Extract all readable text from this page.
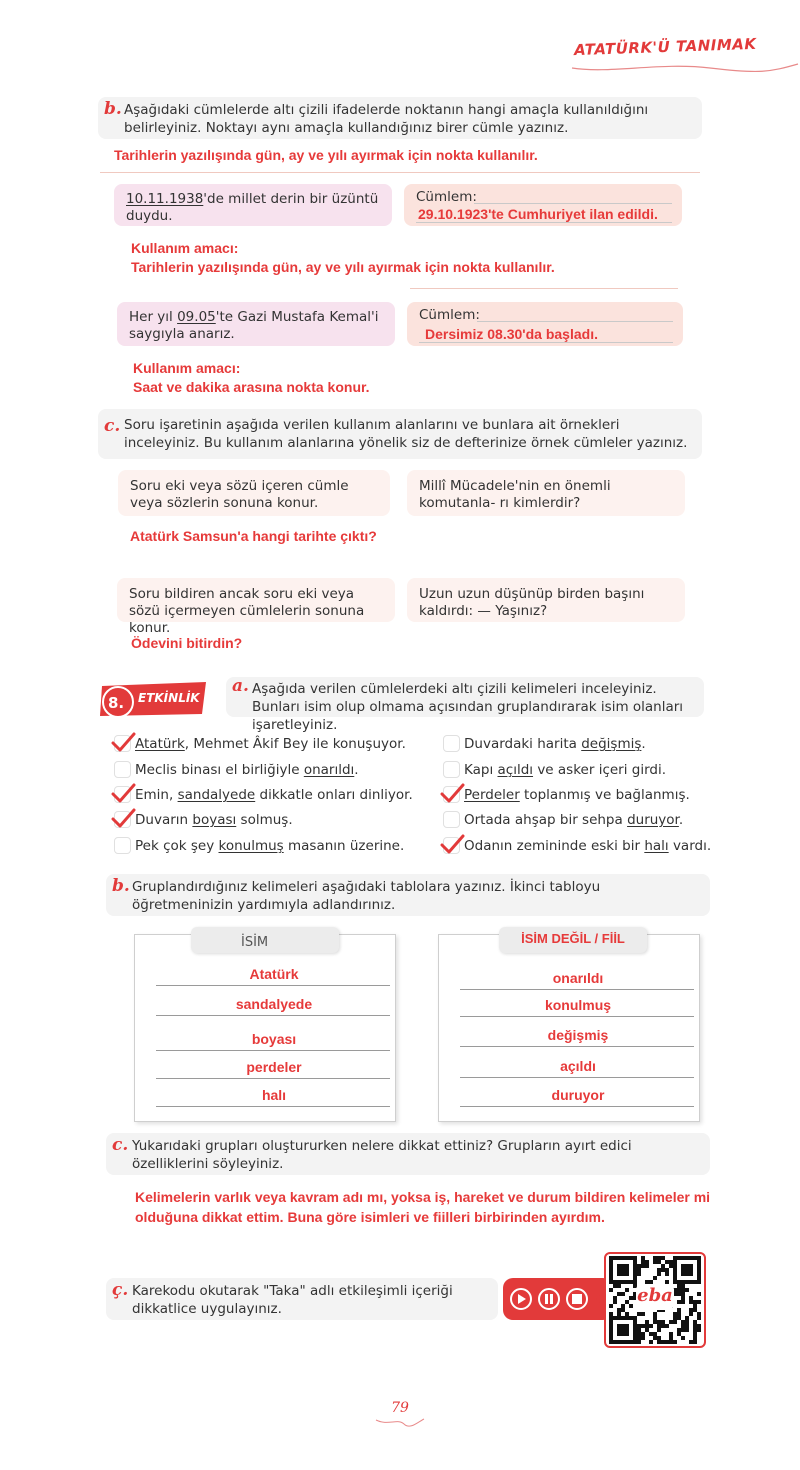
ATATÜRK'Ü TANIMAK
b. Aşağıdaki cümlelerde altı çizili ifadelerde noktanın hangi amaçla kullanıldığını belirleyiniz. Noktayı aynı amaçla kullandığınız birer cümle yazınız.
Tarihlerin yazılışında gün, ay ve yılı ayırmak için nokta kullanılır.
10.11.1938'de millet derin bir üzüntü duydu.
Cümlem:
29.10.1923'te Cumhuriyet ilan edildi.
Kullanım amacı:
Tarihlerin yazılışında gün, ay ve yılı ayırmak için nokta kullanılır.
Her yıl 09.05'te Gazi Mustafa Kemal'i saygıyla anarız.
Cümlem:
Dersimiz 08.30'da başladı.
Kullanım amacı:
Saat ve dakika arasına nokta konur.
c. Soru işaretinin aşağıda verilen kullanım alanlarını ve bunlara ait örnekleri inceleyiniz. Bu kullanım alanlarına yönelik siz de defterinize örnek cümleler yazınız.
Soru eki veya sözü içeren cümle veya sözlerin sonuna konur.
Millî Mücadele'nin en önemli komutanla- rı kimlerdir?
Atatürk Samsun'a hangi tarihte çıktı?
Soru bildiren ancak soru eki veya sözü içermeyen cümlelerin sonuna konur.
Uzun uzun düşünüp birden başını kaldırdı: — Yaşınız?
Ödevini bitirdin?
8. ETKİNLİK
a. Aşağıda verilen cümlelerdeki altı çizili kelimeleri inceleyiniz. Bunları isim olup olmama açısından gruplandırarak isim olanları işaretleyiniz.
Atatürk, Mehmet Âkif Bey ile konuşuyor.
Meclis binası el birliğiyle onarıldı.
Emin, sandalyede dikkatle onları dinliyor.
Duvarın boyası solmuş.
Pek çok şey konulmuş masanın üzerine.
Duvardaki harita değişmiş.
Kapı açıldı ve asker içeri girdi.
Perdeler toplanmış ve bağlanmış.
Ortada ahşap bir sehpa duruyor.
Odanın zemininde eski bir halı vardı.
b. Gruplandırdığınız kelimeleri aşağıdaki tablolara yazınız. İkinci tabloyu öğretmeninizin yardımıyla adlandırınız.
İSİM	İSİM DEĞİL / FİİL
Atatürk
sandalyede
boyası
perdeler
halı
onarıldı
konulmuş
değişmiş
açıldı
duruyor
c. Yukarıdaki grupları oluştururken nelere dikkat ettiniz? Grupların ayırt edici özelliklerini söyleyiniz.
Kelimelerin varlık veya kavram adı mı, yoksa iş, hareket ve durum bildiren kelimeler mi olduğuna dikkat ettim. Buna göre isimleri ve fiilleri birbirinden ayırdım.
ç. Karekodu okutarak "Taka" adlı etkileşimli içeriği dikkatlice uygulayınız.
eba
79
